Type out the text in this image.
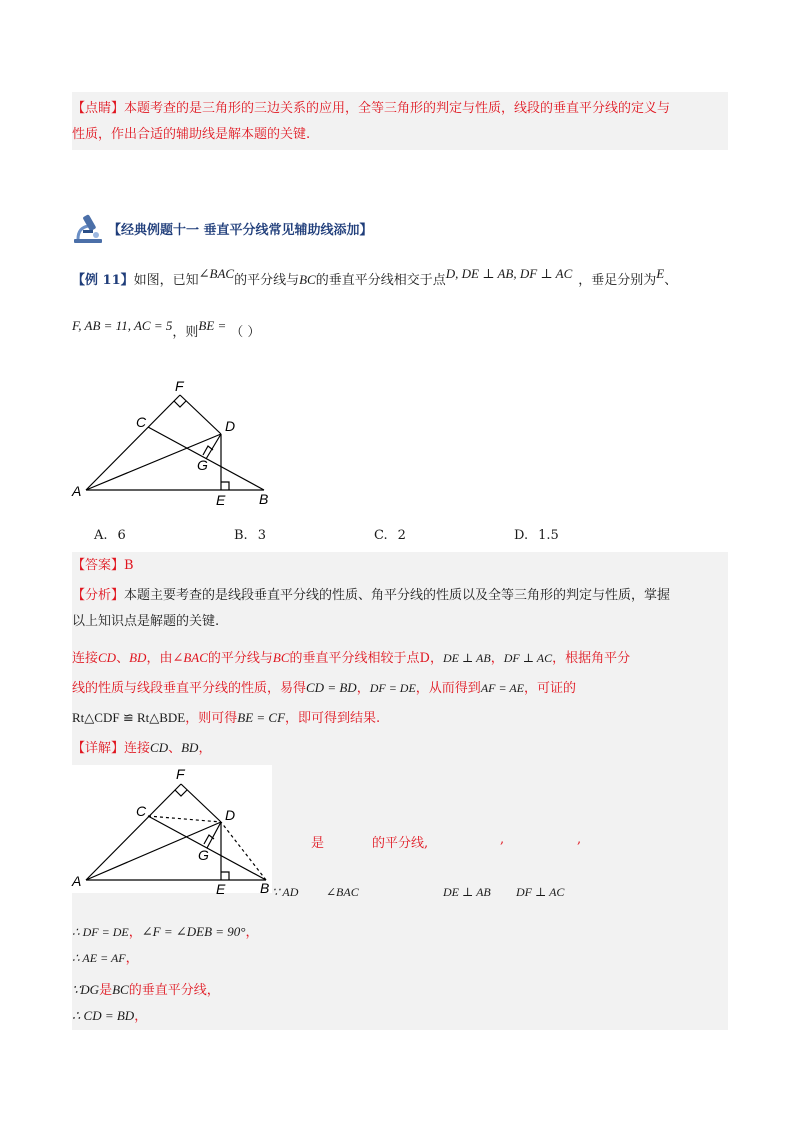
【点睛】本题考查的是三角形的三边关系的应用，全等三角形的判定与性质，线段的垂直平分线的定义与
性质，作出合适的辅助线是解本题的关键.
【经典例题十一 垂直平分线常见辅助线添加】
【例 11】如图，已知∠BAC的平分线与BC的垂直平分线相交于点D, DE ⊥ AB, DF ⊥ AC ，垂足分别为E、
F, AB = 11, AC = 5，则BE = （ ）
A	B
C	D
E
F
G
A. 6	B. 3	C. 2	D. 1.5
【答案】B
【分析】本题主要考查的是线段垂直平分线的性质、角平分线的性质以及全等三角形的判定与性质，掌握
以上知识点是解题的关键.
连接CD、BD，由∠BAC的平分线与BC的垂直平分线相较于点D，DE ⊥ AB，DF ⊥ AC，根据角平分
线的性质与线段垂直平分线的性质，易得CD = BD，DF = DE，从而得到AF = AE，可证的
Rt△CDF ≌ Rt△BDE，则可得BE = CF，即可得到结果.
【详解】连接CD、BD，
A	B
C	D
E
F
G
是	的平分线,	,	,
∵ AD ∠BAC	DE ⊥ AB DF ⊥ AC
∴ DF = DE，∠F = ∠DEB = 90°，
∴ AE = AF，
∵DG是BC的垂直平分线，
∴ CD = BD，
